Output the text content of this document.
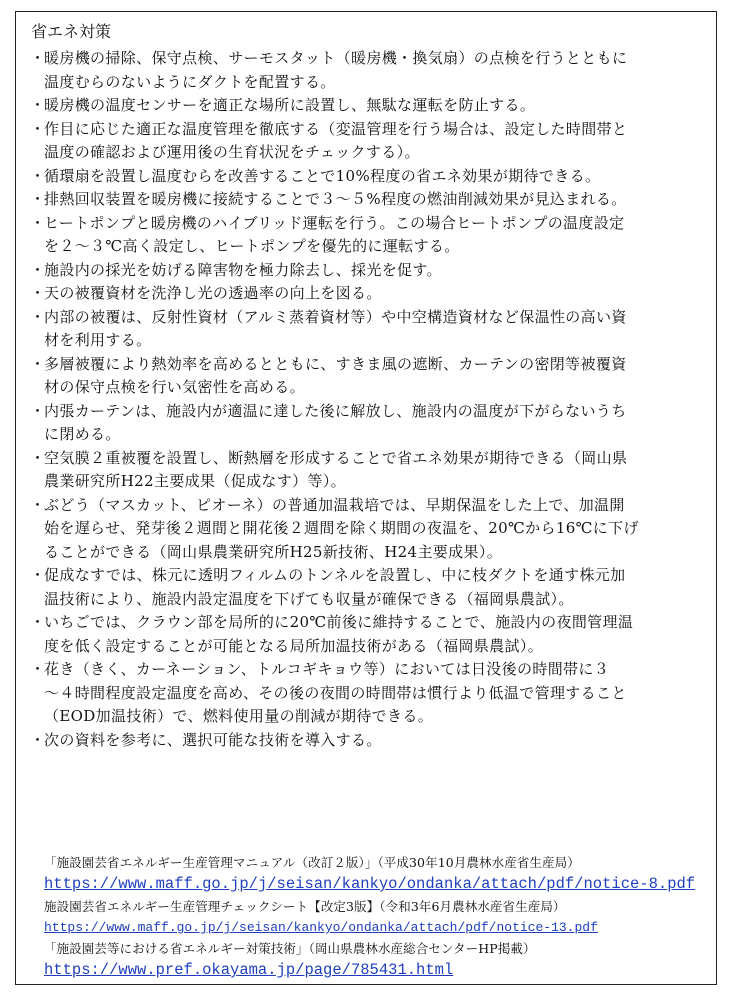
省エネ対策
・
暖房機の掃除、保守点検、サーモスタット（暖房機・換気扇）の点検を行うとともに
温度むらのないようにダクトを配置する。
・
暖房機の温度センサーを適正な場所に設置し、無駄な運転を防止する。
・
作目に応じた適正な温度管理を徹底する（変温管理を行う場合は、設定した時間帯と
温度の確認および運用後の生育状況をチェックする）。
・
循環扇を設置し温度むらを改善することで10%程度の省エネ効果が期待できる。
・
排熱回収装置を暖房機に接続することで３～５%程度の燃油削減効果が見込まれる。
・
ヒートポンプと暖房機のハイブリッド運転を行う。この場合ヒートポンプの温度設定
を２～３℃高く設定し、ヒートポンプを優先的に運転する。
・
施設内の採光を妨げる障害物を極力除去し、採光を促す。
・
天の被覆資材を洗浄し光の透過率の向上を図る。
・
内部の被覆は、反射性資材（アルミ蒸着資材等）や中空構造資材など保温性の高い資
材を利用する。
・
多層被覆により熱効率を高めるとともに、すきま風の遮断、カーテンの密閉等被覆資
材の保守点検を行い気密性を高める。
・
内張カーテンは、施設内が適温に達した後に解放し、施設内の温度が下がらないうち
に閉める。
・
空気膜２重被覆を設置し、断熱層を形成することで省エネ効果が期待できる（岡山県
農業研究所H22主要成果（促成なす）等）。
・
ぶどう（マスカット、ピオーネ）の普通加温栽培では、早期保温をした上で、加温開
始を遅らせ、発芽後２週間と開花後２週間を除く期間の夜温を、20℃から16℃に下げ
ることができる（岡山県農業研究所H25新技術、H24主要成果）。
・
促成なすでは、株元に透明フィルムのトンネルを設置し、中に枝ダクトを通す株元加
温技術により、施設内設定温度を下げても収量が確保できる（福岡県農試）。
・
いちごでは、クラウン部を局所的に20℃前後に維持することで、施設内の夜間管理温
度を低く設定することが可能となる局所加温技術がある（福岡県農試）。
・
花き（きく、カーネーション、トルコギキョウ等）においては日没後の時間帯に３
～４時間程度設定温度を高め、その後の夜間の時間帯は慣行より低温で管理すること
（EOD加温技術）で、燃料使用量の削減が期待できる。
・
次の資料を参考に、選択可能な技術を導入する。
「施設園芸省エネルギー生産管理マニュアル（改訂２版）」（平成30年10月農林水産省生産局）
https://www.maff.go.jp/j/seisan/kankyo/ondanka/attach/pdf/notice-8.pdf
施設園芸省エネルギー生産管理チェックシート【改定3版】（令和3年6月農林水産省生産局）
https://www.maff.go.jp/j/seisan/kankyo/ondanka/attach/pdf/notice-13.pdf
「施設園芸等における省エネルギー対策技術」（岡山県農林水産総合センターHP掲載）
https://www.pref.okayama.jp/page/785431.html
